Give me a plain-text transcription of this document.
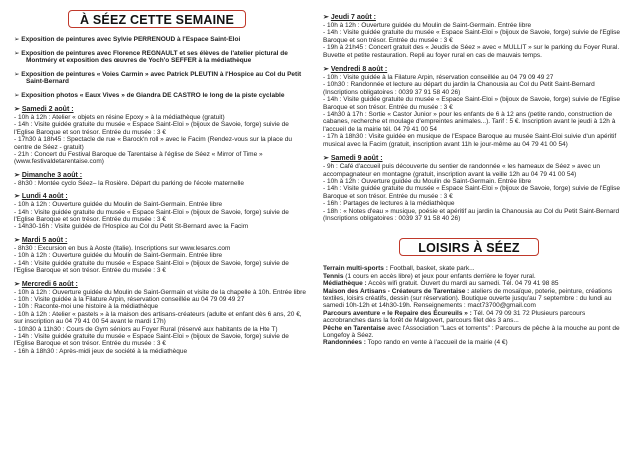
À SÉEZ CETTE SEMAINE

➢ Exposition de peintures avec Sylvie PERRENOUD à l'Espace Saint-Eloi

➢ Exposition de peintures avec Florence REGNAULT et ses élèves de l'atelier pictural de Montméry et exposition des œuvres de Yoch'o SEFFER à la médiathèque

➢ Exposition de peintures « Voies Carmin » avec Patrick PLEUTIN à l'Hospice au Col du Petit Saint-Bernard

➢ Exposition photos « Eaux Vives » de Giandra DE CASTRO le long de la piste cyclable

➢ Samedi 2 août :

- 10h à 12h : Atelier « objets en résine Epoxy » à la médiathèque (gratuit)

- 14h : Visite guidée gratuite du musée « Espace Saint-Eloi » (bijoux de Savoie, forge) suivie de l'Eglise Baroque et son trésor. Entrée du musée : 3 €

- 17h30 à 18h45 : Spectacle de rue « Barock'n roll » avec le Facim (Rendez-vous sur la place du centre de Séez - gratuit)

- 21h : Concert du Festival Baroque de Tarentaise à l'église de Séez « Mirror of Time » (www.festivaldetarentaise.com)

➢ Dimanche 3 août :

- 8h30 : Montée cyclo Séez– la Rosière. Départ du parking de l'école maternelle

➢ Lundi 4 août :

- 10h à 12h : Ouverture guidée du Moulin de Saint-Germain. Entrée libre

- 14h : Visite guidée gratuite du musée « Espace Saint-Eloi » (bijoux de Savoie, forge) suivie de l'Eglise Baroque et son trésor. Entrée du musée : 3 €

- 14h30-16h : Visite guidée de l'Hospice au Col du Petit St-Bernard avec la Facim

➢ Mardi 5 août :

- 8h30 : Excursion en bus à Aoste (Italie). Inscriptions sur www.lesarcs.com

- 10h à 12h : Ouverture guidée du Moulin de Saint-Germain. Entrée libre

- 14h : Visite guidée gratuite du musée « Espace Saint-Eloi » (bijoux de Savoie, forge) suivie de l'Eglise Baroque et son trésor. Entrée du musée : 3 €

➢ Mercredi 6 août :

- 10h à 12h : Ouverture guidée du Moulin de Saint-Germain et visite de la chapelle à 10h. Entrée libre

- 10h : Visite guidée à la Filature Arpin, réservation conseillée au 04 79 09 49 27

- 10h : Raconte-moi une histoire à la médiathèque

- 10h à 12h : Atelier « pastels » à la maison des artisans-créateurs (adulte et enfant dès 6 ans, 20 €, sur inscription au 04 79 41 00 54 avant le mardi 17h)

- 10h30 à 11h30 : Cours de Gym séniors au Foyer Rural (réservé aux habitants de la Hte T)

- 14h : Visite guidée gratuite du musée « Espace Saint-Eloi » (bijoux de Savoie, forge) suivie de l'Eglise Baroque et son trésor. Entrée du musée : 3 €

- 16h à 18h30 : Après-midi jeux de société à la médiathèque

➢ Jeudi 7 août :

- 10h à 12h : Ouverture guidée du Moulin de Saint-Germain. Entrée libre

- 14h : Visite guidée gratuite du musée « Espace Saint-Eloi » (bijoux de Savoie, forge) suivie de l'Eglise Baroque et son trésor. Entrée du musée : 3 €

- 19h à 21h45 : Concert gratuit des « Jeudis de Séez » avec « MULLIT » sur le parking du Foyer Rural. Buvette et petite restauration. Repli au foyer rural en cas de mauvais temps.

➢ Vendredi 8 août :

- 10h : Visite guidée à la Filature Arpin, réservation conseillée au 04 79 09 49 27

- 10h30 : Randonnée et lecture au départ du jardin la Chanousia au Col du Petit Saint-Bernard (Inscriptions obligatoires : 0039 37 91 58 40 26)

- 14h : Visite guidée gratuite du musée « Espace Saint-Eloi » (bijoux de Savoie, forge) suivie de l'Eglise Baroque et son trésor. Entrée du musée : 3 €

- 14h30 à 17h : Sortie « Castor Junior » pour les enfants de 6 à 12 ans (petite rando, construction de cabanes, recherche et moulage d'empreintes animales...). Tarif : 5 €. Inscription avant le jeudi à 12h à l'accueil de la mairie tél. 04 79 41 00 54

- 17h à 18h30 : Visite guidée en musique de l'Espace Baroque au musée Saint-Eloi suivie d'un apéritif musical avec la Facim (gratuit, inscription avant 11h le jour-même au 04 79 41 00 54)

➢ Samedi 9 août :

- 9h : Café d'accueil puis découverte du sentier de randonnée « les hameaux de Séez » avec un accompagnateur en montagne (gratuit, inscription avant la veille 12h au 04 79 41 00 54)

- 10h à 12h : Ouverture guidée du Moulin de Saint-Germain. Entrée libre

- 14h : Visite guidée gratuite du musée « Espace Saint-Eloi » (bijoux de Savoie, forge) suivie de l'Eglise Baroque et son trésor. Entrée du musée : 3 €

- 16h : Partages de lectures à la médiathèque

- 18h : « Notes d'eau » musique, poésie et apéritif au jardin la Chanousia au Col du Petit Saint-Bernard (Inscriptions obligatoires : 0039 37 91 58 40 26)

LOISIRS À SÉEZ

Terrain multi-sports : Football, basket, skate park...

Tennis (1 cours en accès libre) et jeux pour enfants derrière le foyer rural.

Médiathèque : Accès wifi gratuit. Ouvert du mardi au samedi. Tél. 04 79 41 98 85

Maison des Artisans - Créateurs de Tarentaise : ateliers de mosaïque, poterie, peinture, créations textiles, loisirs créatifs, dessin (sur réservation). Boutique ouverte jusqu'au 7 septembre : du lundi au samedi 10h-12h et 14h30-19h. Renseignements : mact73700@gmail.com

Parcours aventure « le Repaire des Écureuils » : Tél. 04 79 09 31 72 Plusieurs parcours accrobranches dans la forêt de Malgovert, parcours filet dès 3 ans...

Pêche en Tarentaise avec l'Association "Lacs et torrents" : Parcours de pêche à la mouche au pont de Longefoy à Séez.

Randonnées : Topo rando en vente à l'accueil de la mairie (4 €)
